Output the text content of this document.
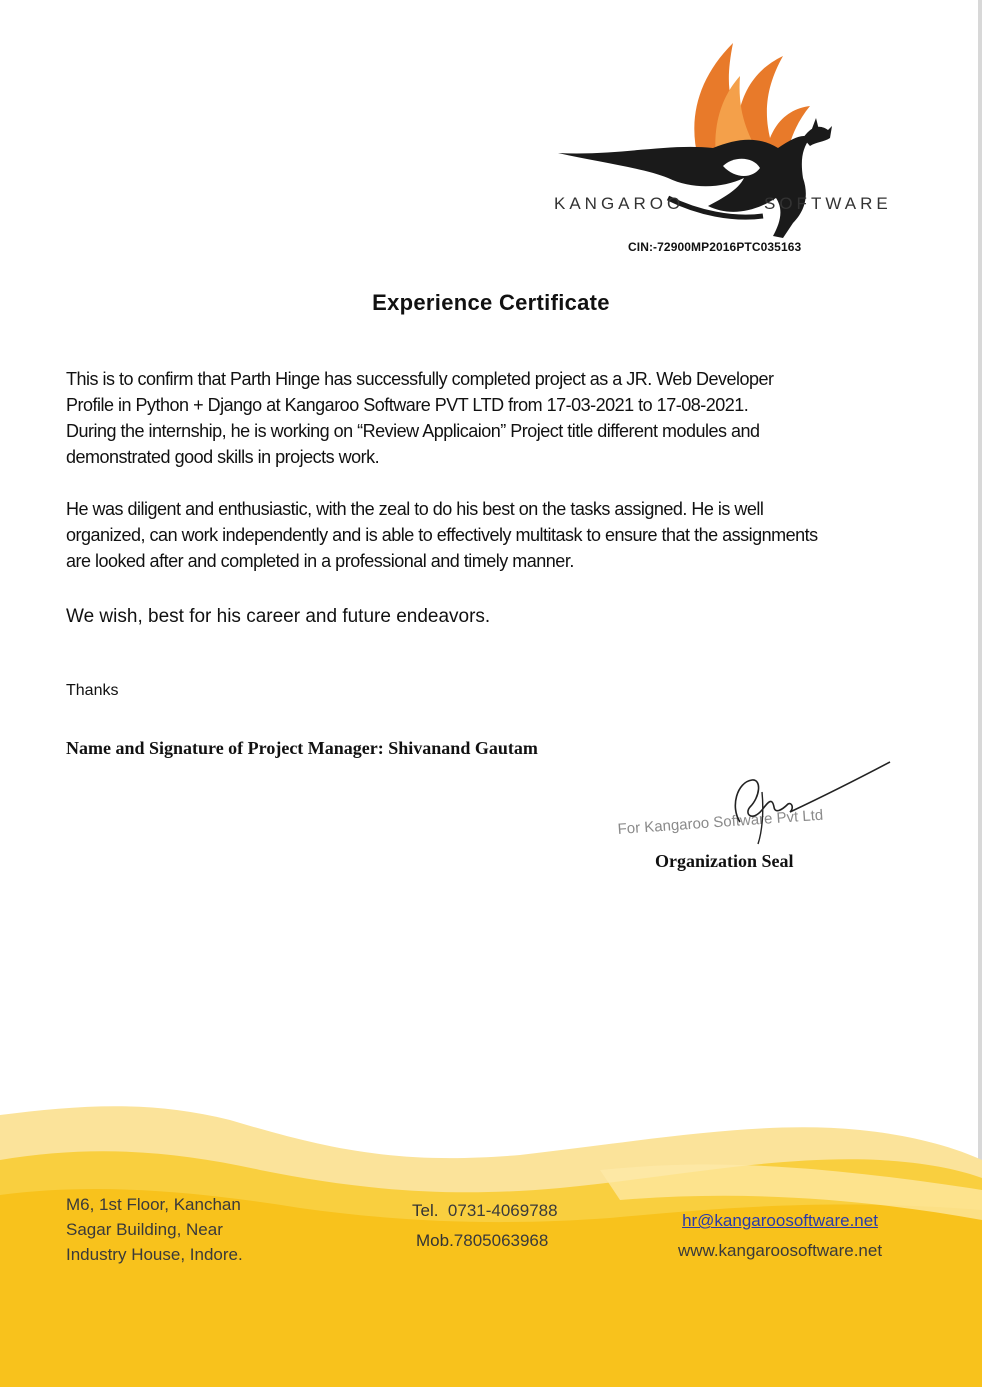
KANGAROO	SOFTWARE
CIN:-72900MP2016PTC035163
Experience Certificate
This is to confirm that Parth Hinge has successfully completed project as a JR. Web Developer
Profile in Python + Django at Kangaroo Software PVT LTD from 17-03-2021 to 17-08-2021.
During the internship, he is working on “Review Applicaion” Project title different modules and
demonstrated good skills in projects work.
He was diligent and enthusiastic, with the zeal to do his best on the tasks assigned. He is well
organized, can work independently and is able to effectively multitask to ensure that the assignments
are looked after and completed in a professional and timely manner.
We wish, best for his career and future endeavors.
Thanks
Name and Signature of Project Manager: Shivanand Gautam
For Kangaroo Software Pvt Ltd
Organization Seal
M6, 1st Floor, Kanchan
Sagar Building, Near
Industry House, Indore.
Tel. 0731-4069788
Mob.7805063968
hr@kangaroosoftware.net
www.kangaroosoftware.net
